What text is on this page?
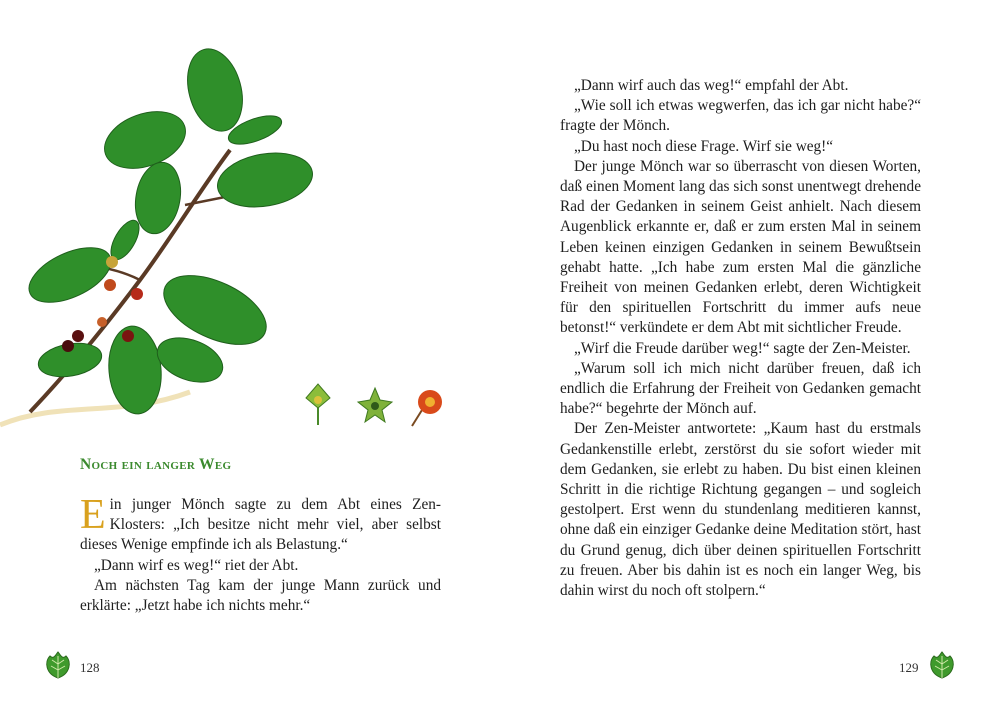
Noch ein langer Weg

Ein junger Mönch sagte zu dem Abt eines Zen-Klosters: „Ich besitze nicht mehr viel, aber selbst dieses Wenige empfinde ich als Belastung.“

„Dann wirf es weg!“ riet der Abt.

Am nächsten Tag kam der junge Mann zurück und erklärte: „Jetzt habe ich nichts mehr.“

128

„Dann wirf auch das weg!“ empfahl der Abt.

„Wie soll ich etwas wegwerfen, das ich gar nicht habe?“ fragte der Mönch.

„Du hast noch diese Frage. Wirf sie weg!“

Der junge Mönch war so überrascht von diesen Worten, daß einen Moment lang das sich sonst unentwegt drehende Rad der Gedanken in seinem Geist anhielt. Nach diesem Augenblick erkannte er, daß er zum ersten Mal in seinem Leben keinen einzigen Gedanken in seinem Bewußtsein gehabt hatte. „Ich habe zum ersten Mal die gänzliche Freiheit von meinen Gedanken erlebt, deren Wichtigkeit für den spirituellen Fortschritt du immer aufs neue betonst!“ verkündete er dem Abt mit sichtlicher Freude.

„Wirf die Freude darüber weg!“ sagte der Zen-Meister.

„Warum soll ich mich nicht darüber freuen, daß ich endlich die Erfahrung der Freiheit von Gedanken gemacht habe?“ begehrte der Mönch auf.

Der Zen-Meister antwortete: „Kaum hast du erstmals Gedankenstille erlebt, zerstörst du sie sofort wieder mit dem Gedanken, sie erlebt zu haben. Du bist einen kleinen Schritt in die richtige Richtung gegangen – und sogleich gestolpert. Erst wenn du stundenlang meditieren kannst, ohne daß ein einziger Gedanke deine Meditation stört, hast du Grund genug, dich über deinen spirituellen Fortschritt zu freuen. Aber bis dahin ist es noch ein langer Weg, bis dahin wirst du noch oft stolpern.“

129
